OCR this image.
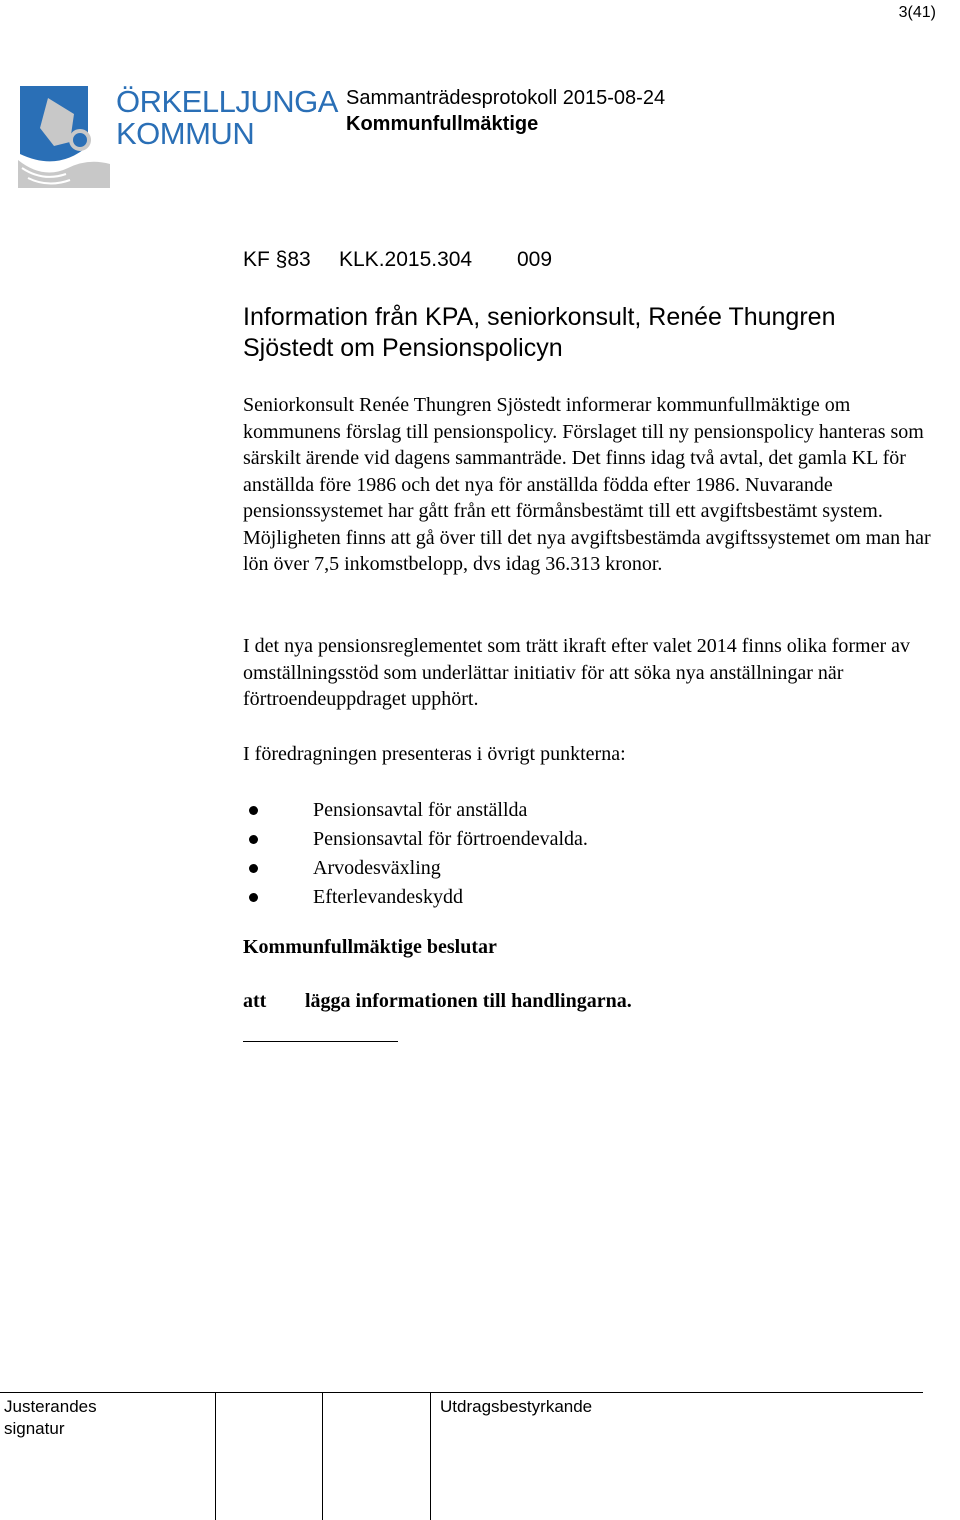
3(41)
ÖRKELLJUNGA
KOMMUN
Sammanträdesprotokoll 2015-08-24
Kommunfullmäktige
KF §83 KLK.2015.304 009
Information från KPA, seniorkonsult, Renée Thungren Sjöstedt om Pensionspolicyn
Seniorkonsult Renée Thungren Sjöstedt informerar kommunfullmäktige om kommunens förslag till pensionspolicy. Förslaget till ny pensionspolicy hanteras som särskilt ärende vid dagens sammanträde. Det finns idag två avtal, det gamla KL för anställda före 1986 och det nya för anställda födda efter 1986. Nuvarande pensionssystemet har gått från ett förmånsbestämt till ett avgiftsbestämt system. Möjligheten finns att gå över till det nya avgiftsbestämda avgiftssystemet om man har lön över 7,5 inkomstbelopp, dvs idag 36.313 kronor.
I det nya pensionsreglementet som trätt ikraft efter valet 2014 finns olika former av omställningsstöd som underlättar initiativ för att söka nya anställningar när förtroendeuppdraget upphört.
I föredragningen presenteras i övrigt punkterna:
Pensionsavtal för anställda
Pensionsavtal för förtroendevalda.
Arvodesväxling
Efterlevandeskydd
Kommunfullmäktige beslutar
att lägga informationen till handlingarna.
Justerandes
signatur
Utdragsbestyrkande
